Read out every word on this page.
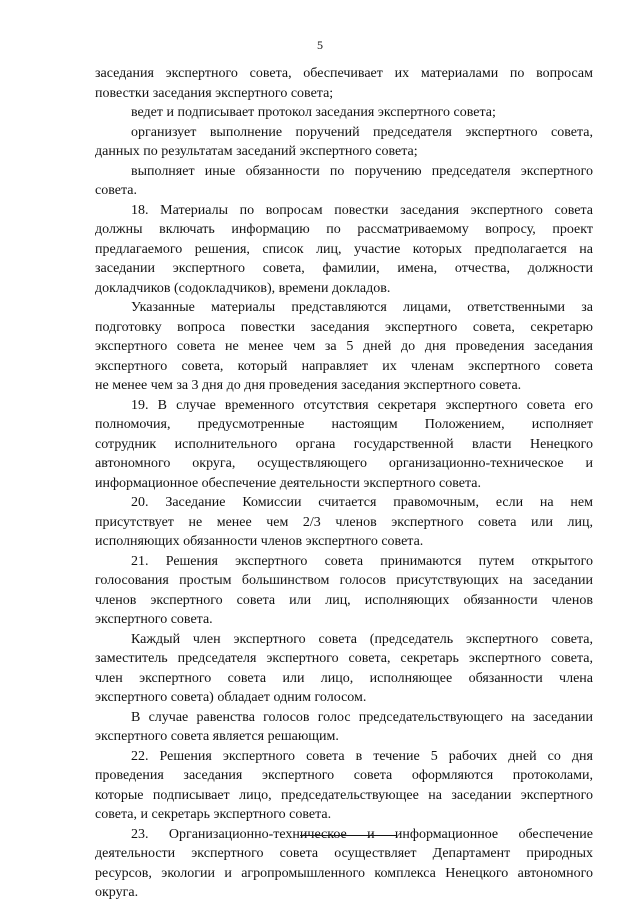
5
заседания экспертного совета, обеспечивает их материалами по вопросам
повестки заседания экспертного совета;
ведет и подписывает протокол заседания экспертного совета;
организует выполнение поручений председателя экспертного совета,
данных по результатам заседаний экспертного совета;
выполняет иные обязанности по поручению председателя экспертного
совета.
18. Материалы по вопросам повестки заседания экспертного совета
должны включать информацию по рассматриваемому вопросу, проект
предлагаемого решения, список лиц, участие которых предполагается на
заседании экспертного совета, фамилии, имена, отчества, должности
докладчиков (содокладчиков), времени докладов.
Указанные материалы представляются лицами, ответственными за
подготовку вопроса повестки заседания экспертного совета, секретарю
экспертного совета не менее чем за 5 дней до дня проведения заседания
экспертного совета, который направляет их членам экспертного совета
не менее чем за 3 дня до дня проведения заседания экспертного совета.
19. В случае временного отсутствия секретаря экспертного совета его
полномочия, предусмотренные настоящим Положением, исполняет
сотрудник исполнительного органа государственной власти Ненецкого
автономного округа, осуществляющего организационно-техническое и
информационное обеспечение деятельности экспертного совета.
20. Заседание Комиссии считается правомочным, если на нем
присутствует не менее чем 2/3 членов экспертного совета или лиц,
исполняющих обязанности членов экспертного совета.
21. Решения экспертного совета принимаются путем открытого
голосования простым большинством голосов присутствующих на заседании
членов экспертного совета или лиц, исполняющих обязанности членов
экспертного совета.
Каждый член экспертного совета (председатель экспертного совета,
заместитель председателя экспертного совета, секретарь экспертного совета,
член экспертного совета или лицо, исполняющее обязанности члена
экспертного совета) обладает одним голосом.
В случае равенства голосов голос председательствующего на заседании
экспертного совета является решающим.
22. Решения экспертного совета в течение 5 рабочих дней со дня
проведения заседания экспертного совета оформляются протоколами,
которые подписывает лицо, председательствующее на заседании экспертного
совета, и секретарь экспертного совета.
23. Организационно-техническое и информационное обеспечение
деятельности экспертного совета осуществляет Департамент природных
ресурсов, экологии и агропромышленного комплекса Ненецкого автономного
округа.
